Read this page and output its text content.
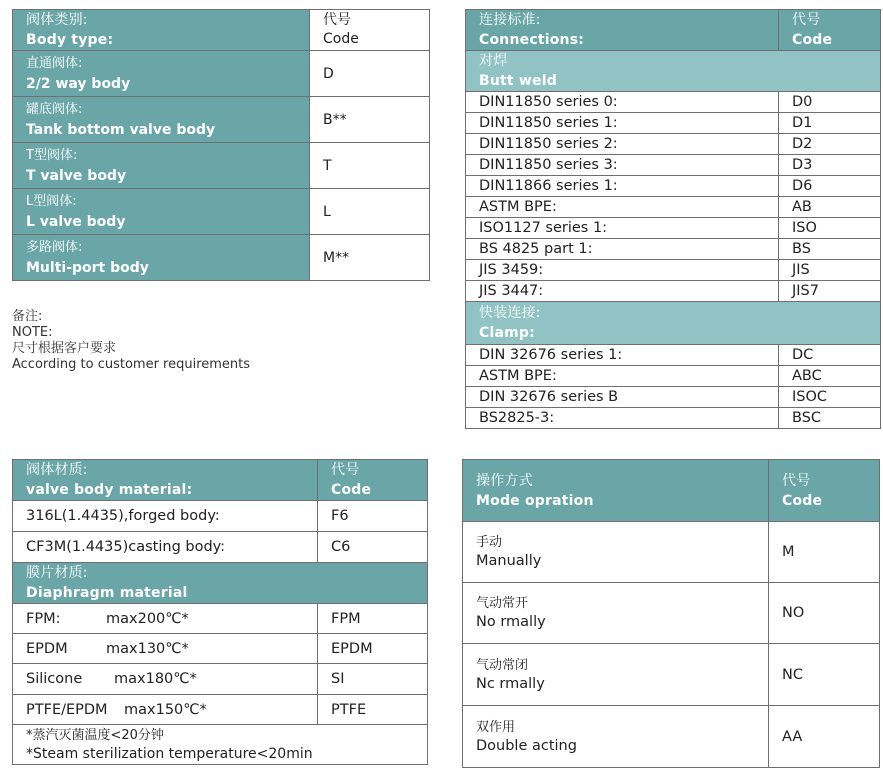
阀体类别:
Body type:	代号
Code

直通阀体:
2/2 way body	D

罐底阀体:
Tank bottom valve body	B**

T型阀体:
T valve body	T

L型阀体:
L valve body	L

多路阀体:
Multi-port body	M**
备注:
NOTE:
尺寸根据客户要求
According to customer requirements
连接标准:
Connections:	代号
Code

对焊
Butt weld	

DIN11850 series 0:	D0
DIN11850 series 1:	D1
DIN11850 series 2:	D2
DIN11850 series 3:	D3
DIN11866 series 1:	D6
ASTM BPE:	AB
ISO1127 series 1:	ISO
BS 4825 part 1:	BS
JIS 3459:	JIS
JIS 3447:	JIS7

快装连接:
Clamp:	

DIN 32676 series 1:	DC
ASTM BPE:	ABC
DIN 32676 series B	ISOC
BS2825-3:	BSC
阀体材质:
valve body material:	代号
Code

316L(1.4435),forged body:	F6
CF3M(1.4435)casting body:	C6

膜片材质:
Diaphragm material	

FPM: max200℃*	FPM
EPDM max130℃*	EPDM
Silicone max180℃*	SI
PTFE/EPDM max150℃*	PTFE

*蒸汽灭菌温度<20分钟
*Steam sterilization temperature<20min	
操作方式
Mode opration	代号
Code

手动
Manually	M

气动常开
No rmally	NO

气动常闭
Nc rmally	NC

双作用
Double acting	AA
